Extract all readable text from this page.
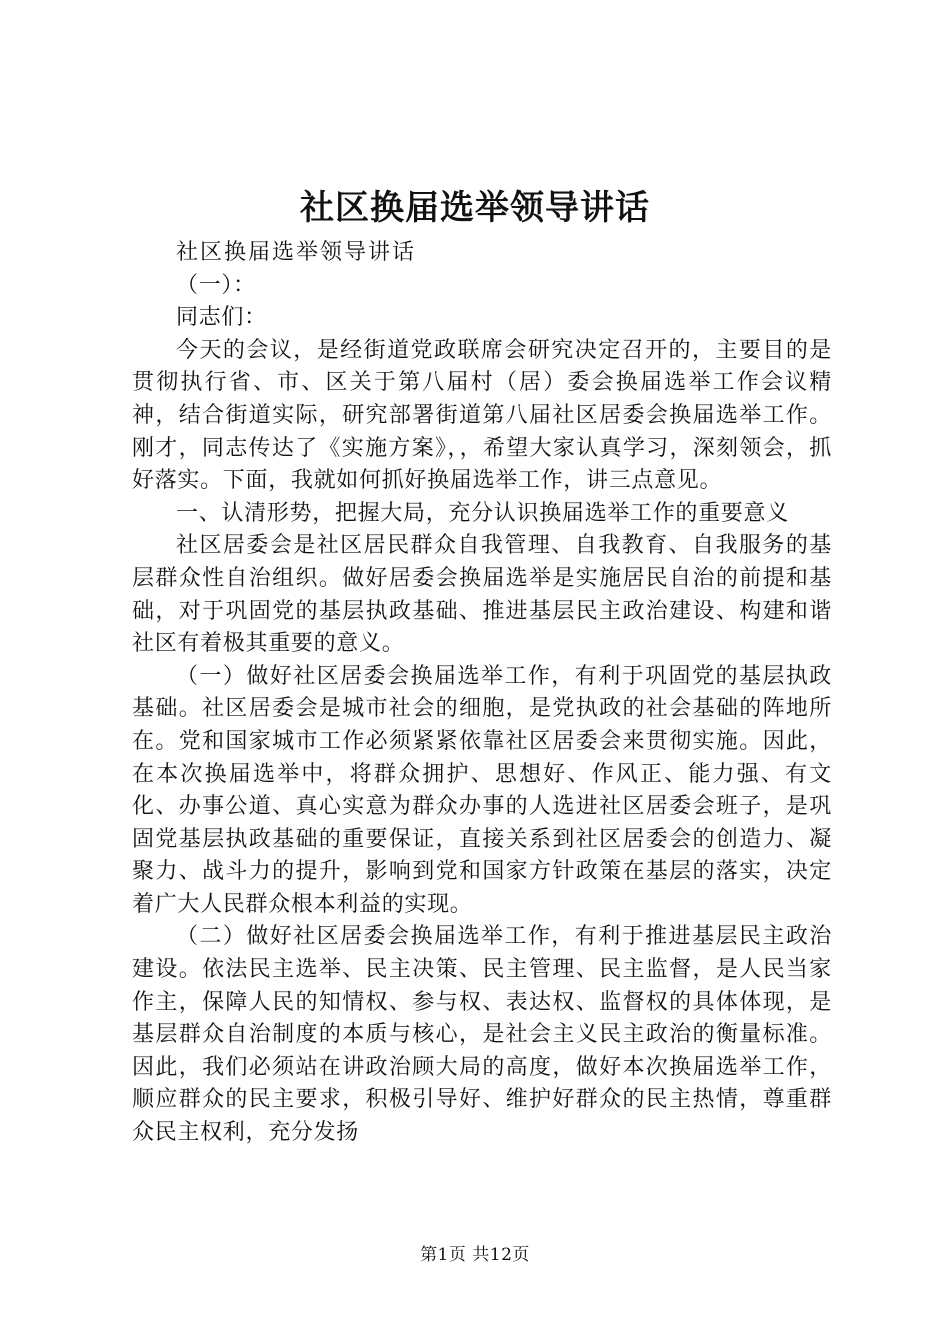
社区换届选举领导讲话

社区换届选举领导讲话

（一）：

同志们：

今天的会议，是经街道党政联席会研究决定召开的，主要目的是贯彻执行省、市、区关于第八届村（居）委会换届选举工作会议精神，结合街道实际，研究部署街道第八届社区居委会换届选举工作。刚才，同志传达了《实施方案》，，希望大家认真学习，深刻领会，抓好落实。下面，我就如何抓好换届选举工作，讲三点意见。

一、认清形势，把握大局，充分认识换届选举工作的重要意义

社区居委会是社区居民群众自我管理、自我教育、自我服务的基层群众性自治组织。做好居委会换届选举是实施居民自治的前提和基础，对于巩固党的基层执政基础、推进基层民主政治建设、构建和谐社区有着极其重要的意义。

（一）做好社区居委会换届选举工作，有利于巩固党的基层执政基础。社区居委会是城市社会的细胞，是党执政的社会基础的阵地所在。党和国家城市工作必须紧紧依靠社区居委会来贯彻实施。因此，在本次换届选举中，将群众拥护、思想好、作风正、能力强、有文化、办事公道、真心实意为群众办事的人选进社区居委会班子，是巩固党基层执政基础的重要保证，直接关系到社区居委会的创造力、凝聚力、战斗力的提升，影响到党和国家方针政策在基层的落实，决定着广大人民群众根本利益的实现。

（二）做好社区居委会换届选举工作，有利于推进基层民主政治建设。依法民主选举、民主决策、民主管理、民主监督，是人民当家作主，保障人民的知情权、参与权、表达权、监督权的具体体现，是基层群众自治制度的本质与核心，是社会主义民主政治的衡量标准。因此，我们必须站在讲政治顾大局的高度，做好本次换届选举工作，顺应群众的民主要求，积极引导好、维护好群众的民主热情，尊重群众民主权利，充分发扬

第1页 共12页
